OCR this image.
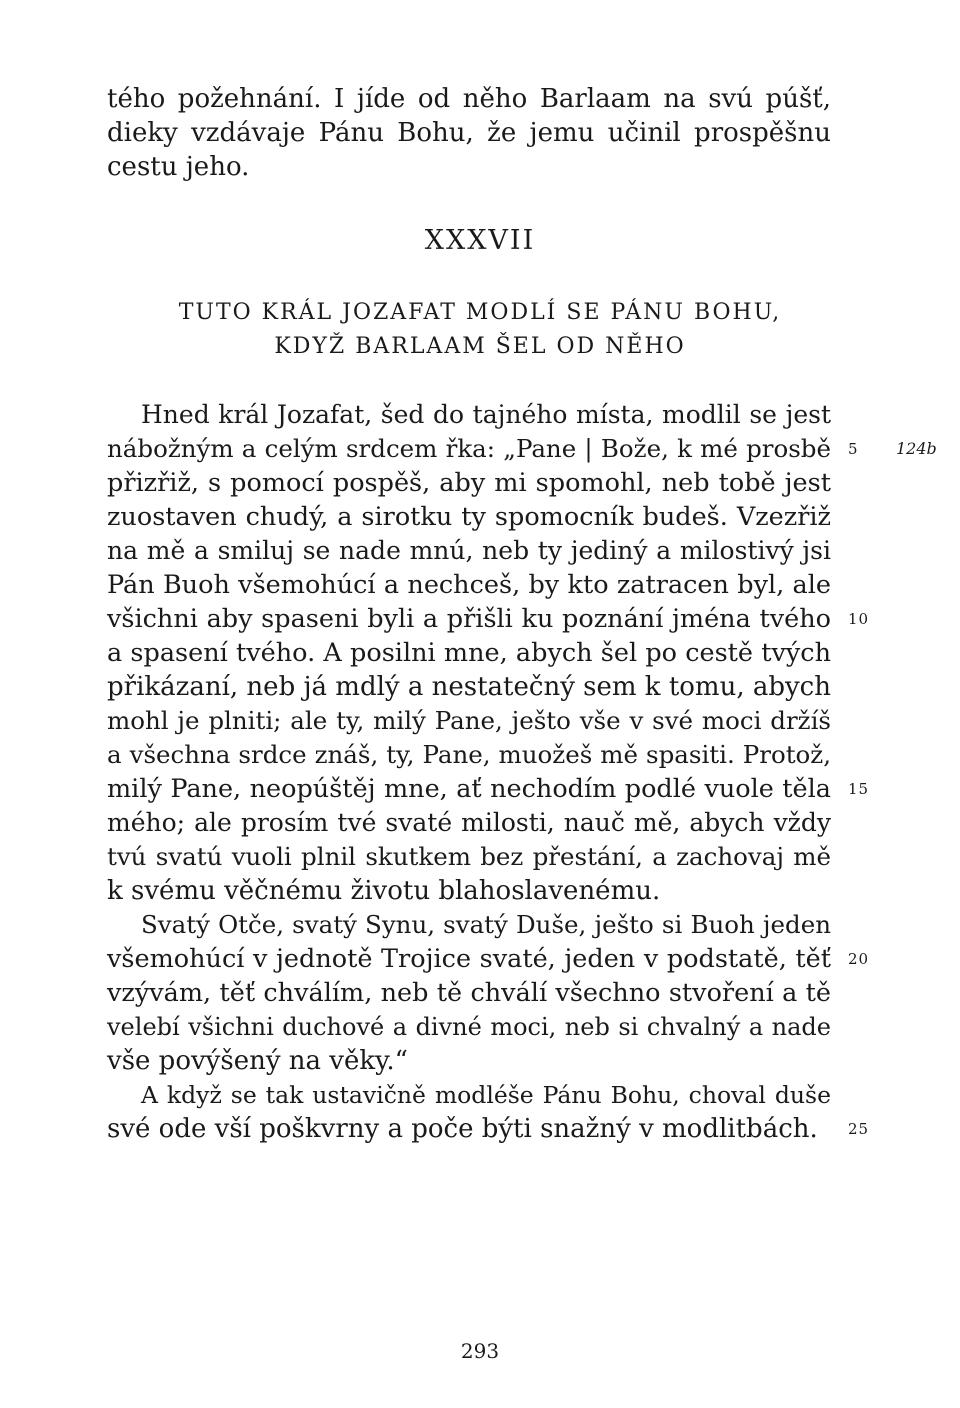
tého požehnání. I jíde od něho Barlaam na svú púšť,
dieky vzdávaje Pánu Bohu, že jemu učinil prospěšnu
cestu jeho.
XXXVII
TUTO KRÁL JOZAFAT MODLÍ SE PÁNU BOHU,
KDYŽ BARLAAM ŠEL OD NĚHO
Hned král Jozafat, šed do tajného místa, modlil se jest
nábožným a celým srdcem řka: „Pane | Bože, k mé prosbě
přizřiž, s pomocí pospěš, aby mi spomohl, neb tobě jest
zuostaven chudý, a sirotku ty spomocník budeš. Vzezřiž
na mě a smiluj se nade mnú, neb ty jediný a milostivý jsi
Pán Buoh všemohúcí a nechceš, by kto zatracen byl, ale
všichni aby spaseni byli a přišli ku poznání jména tvého
a spasení tvého. A posilni mne, abych šel po cestě tvých
přikázaní, neb já mdlý a nestatečný sem k tomu, abych
mohl je plniti; ale ty, milý Pane, ješto vše v své moci držíš
a všechna srdce znáš, ty, Pane, muožeš mě spasiti. Protož,
milý Pane, neopúštěj mne, ať nechodím podlé vuole těla
mého; ale prosím tvé svaté milosti, nauč mě, abych vždy
tvú svatú vuoli plnil skutkem bez přestání, a zachovaj mě
k svému věčnému životu blahoslavenému.
Svatý Otče, svatý Synu, svatý Duše, ješto si Buoh jeden
všemohúcí v jednotě Trojice svaté, jeden v podstatě, těť
vzývám, těť chválím, neb tě chválí všechno stvoření a tě
velebí všichni duchové a divné moci, neb si chvalný a nade
vše povýšený na věky.“
A když se tak ustavičně modléše Pánu Bohu, choval duše
své ode vší poškvrny a poče býti snažný v modlitbách.
5
10
15
20
25
124b
293
